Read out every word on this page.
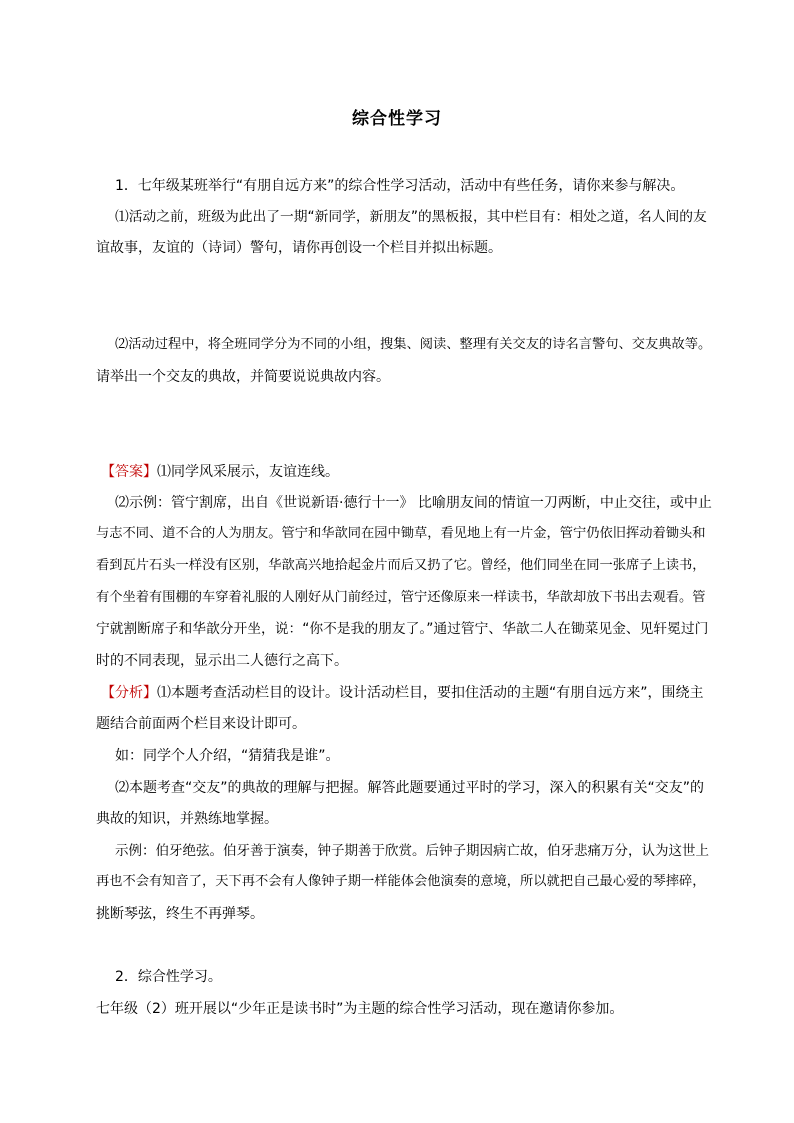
综合性学习
1．七年级某班举行“有朋自远方来”的综合性学习活动，活动中有些任务，请你来参与解决。
⑴活动之前，班级为此出了一期“新同学，新朋友”的黑板报，其中栏目有：相处之道，名人间的友
谊故事，友谊的（诗词）警句，请你再创设一个栏目并拟出标题。
⑵活动过程中，将全班同学分为不同的小组，搜集、阅读、整理有关交友的诗名言警句、交友典故等。
请举出一个交友的典故，并简要说说典故内容。
【答案】⑴同学风采展示，友谊连线。
⑵示例：管宁割席，出自《世说新语·德行十一》 比喻朋友间的情谊一刀两断，中止交往，或中止
与志不同、道不合的人为朋友。管宁和华歆同在园中锄草，看见地上有一片金，管宁仍依旧挥动着锄头和
看到瓦片石头一样没有区别，华歆高兴地拾起金片而后又扔了它。曾经，他们同坐在同一张席子上读书，
有个坐着有围棚的车穿着礼服的人刚好从门前经过，管宁还像原来一样读书，华歆却放下书出去观看。管
宁就割断席子和华歆分开坐，说：“你不是我的朋友了。”通过管宁、华歆二人在锄菜见金、见轩冕过门
时的不同表现，显示出二人德行之高下。
【分析】⑴本题考查活动栏目的设计。设计活动栏目，要扣住活动的主题“有朋自远方来”，围绕主
题结合前面两个栏目来设计即可。
如：同学个人介绍，“猜猜我是谁”。
⑵本题考查“交友”的典故的理解与把握。解答此题要通过平时的学习，深入的积累有关“交友”的
典故的知识，并熟练地掌握。
示例：伯牙绝弦。伯牙善于演奏，钟子期善于欣赏。后钟子期因病亡故，伯牙悲痛万分，认为这世上
再也不会有知音了，天下再不会有人像钟子期一样能体会他演奏的意境，所以就把自己最心爱的琴摔碎，
挑断琴弦，终生不再弹琴。
2．综合性学习。
七年级（2）班开展以“少年正是读书时”为主题的综合性学习活动，现在邀请你参加。
